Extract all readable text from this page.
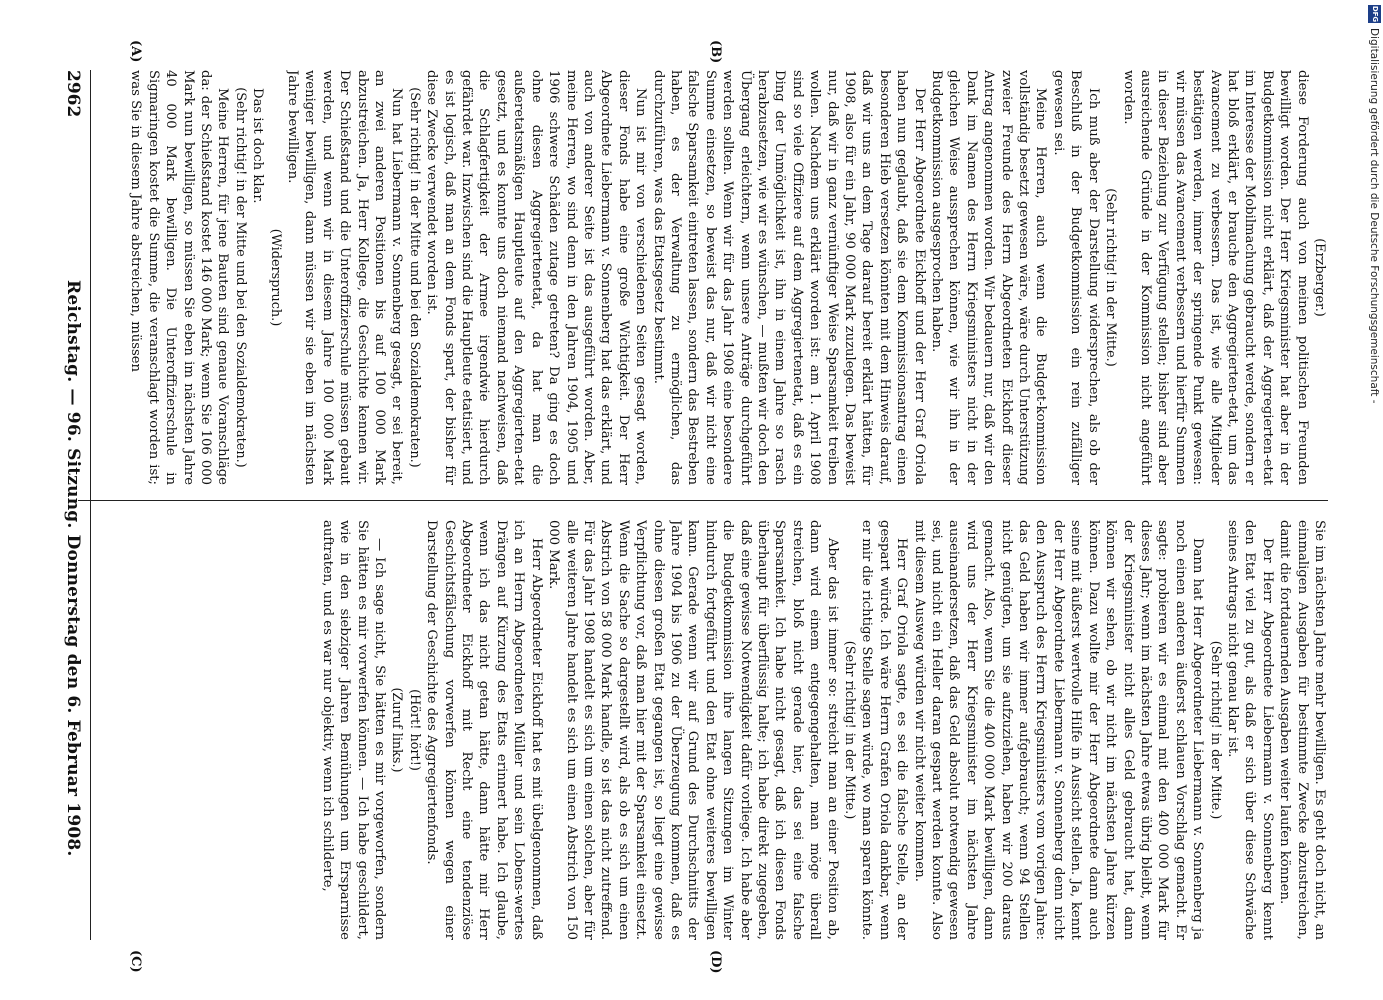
DFG
Digitalisierung gefördert durch die Deutsche Forschungsgemeinschaft -

(Erzberger.)

diese Forderung auch von meinen politischen Freunden bewilligt worden. Der Herr Kriegsminister hat aber in der Budgetkommission nicht erklärt, daß der Aggregierten-etat im Interesse der Mobilmachung gebraucht werde, sondern er hat bloß erklärt, er brauche den Aggregierten-etat, um das Avancement zu verbessern. Das ist, wie alle Mitglieder bestätigen werden, immer der springende Punkt gewesen: wir müssen das Avancement verbessern und hierfür Summen in dieser Beziehung zur Verfügung stellen; bisher sind aber ausreichende Gründe in der Kommission nicht angeführt worden.

(Sehr richtig! in der Mitte.)

Ich muß aber der Darstellung widersprechen, als ob der Beschluß in der Budgetkommission ein rein zufälliger gewesen sei.

Meine Herren, auch wenn die Budget-kommission vollständig besetzt gewesen wäre, wäre durch Unterstützung zweier Freunde des Herrn Abgeordneten Eickhoff dieser Antrag angenommen worden. Wir bedauern nur, daß wir den Dank im Namen des Herrn Kriegsministers nicht in der gleichen Weise aussprechen können, wie wir ihn in der Budgetkommission ausgesprochen haben.

Der Herr Abgeordnete Eickhoff und der Herr Graf Oriola haben nun geglaubt, daß sie dem Kommissionsantrag einen besonderen Hieb versetzen könnten mit dem Hinweis darauf, daß wir uns an dem Tage darauf bereit erklärt hätten, für 1908, also für ein Jahr, 90 000 Mark zuzulegen. Das beweist nur, daß wir in ganz vernünftiger Weise Sparsamkeit treiben wollen. Nachdem uns erklärt worden ist: am 1. April 1908 sind so viele Offiziere auf dem Aggregiertenetat, daß es ein Ding der Unmöglichkeit ist, ihn in einem Jahre so rasch herabzusetzen, wie wir es wünschen, — mußten wir doch den Übergang erleichtern, wenn unsere Anträge durchgeführt werden sollten. Wenn wir für das Jahr 1908 eine besondere Summe einsetzen, so beweist das nur, daß wir nicht eine falsche Sparsamkeit eintreten lassen, sondern das Bestreben haben, es der Verwaltung zu ermöglichen, das durchzuführen, was das Etatsgesetz bestimmt.

Nun ist mir von verschiedenen Seiten gesagt worden, dieser Fonds habe eine große Wichtigkeit. Der Herr Abgeordnete Liebermann v. Sonnenberg hat das erklärt, und auch von anderer Seite ist das ausgeführt worden. Aber, meine Herren, wo sind denn in den Jahren 1904, 1905 und 1906 schwere Schäden zutage getreten? Da ging es doch ohne diesen Aggregiertenetat, da hat man die außeretatsmäßigen Hauptleute auf den Aggregierten-etat gesetzt, und es konnte uns doch niemand nachweisen, daß die Schlagfertigkeit der Armee irgendwie hierdurch gefährdet war. Inzwischen sind die Hauptleute etatisiert, und es ist logisch, daß man an dem Fonds spart, der bisher für diese Zwecke verwendet worden ist.

(Sehr richtig! in der Mitte und bei den Sozialdemokraten.)

Nun hat Liebermann v. Sonnenberg gesagt, er sei bereit, an zwei anderen Positionen bis auf 100 000 Mark abzustreichen. Ja, Herr Kollege, die Geschichte kennen wir. Der Schießstand und die Unteroffizierschule müssen gebaut werden, und wenn wir in diesem Jahre 100 000 Mark weniger bewilligen, dann müssen wir sie eben im nächsten Jahre bewilligen.

(Widerspruch.)

Das ist doch klar.

(Sehr richtig! in der Mitte und bei den Sozialdemokraten.)

Meine Herren, für jene Bauten sind genaue Voranschläge da: der Schießstand kostet 146 000 Mark; wenn Sie 106 000 Mark nun bewilligen, so müssen Sie eben im nächsten Jahre 40 000 Mark bewilligen. Die Unteroffizierschule in Sigmaringen kostet die Summe, die veranschlagt worden ist; was Sie in diesem Jahre abstreichen, müssen

Sie im nächsten Jahre mehr bewilligen. Es geht doch nicht, an einmaligen Ausgaben für bestimmte Zwecke abzustreichen, damit die fortdauernden Ausgaben weiter laufen können.

Der Herr Abgeordnete Liebermann v. Sonnenberg kennt den Etat viel zu gut, als daß er sich über diese Schwäche seines Antrags nicht genau klar ist.

(Sehr richtig! in der Mitte.)

Dann hat Herr Abgeordneter Liebermann v. Sonnenberg ja noch einen anderen äußerst schlauen Vorschlag gemacht. Er sagte: probieren wir es einmal mit den 400 000 Mark für dieses Jahr; wenn im nächsten Jahre etwas übrig bleibt, wenn der Kriegsminister nicht alles Geld gebraucht hat, dann können wir sehen, ob wir nicht im nächsten Jahre kürzen können. Dazu wollte mir der Herr Abgeordnete dann auch seine mit äußerst wertvolle Hilfe in Aussicht stellen. Ja, kennt der Herr Abgeordnete Liebermann v. Sonnenberg denn nicht den Ausspruch des Herrn Kriegsministers vom vorigen Jahre: das Geld haben wir immer aufgebraucht; wenn 94 Stellen nicht genügten, um sie aufzuziehen, haben wir 200 daraus gemacht. Also, wenn Sie die 400 000 Mark bewilligen, dann wird uns der Herr Kriegsminister im nächsten Jahre auseinandersetzen, daß das Geld absolut notwendig gewesen sei, und nicht ein Heller daran gespart werden konnte. Also mit diesem Ausweg würden wir nicht weiter kommen.

Herr Graf Oriola sagte, es sei die falsche Stelle, an der gespart würde. Ich wäre Herrn Grafen Oriola dankbar, wenn er mir die richtige Stelle sagen würde, wo man sparen könnte.

(Sehr richtig! in der Mitte.)

Aber das ist immer so: streicht man an einer Position ab, dann wird einem entgegengehalten, man möge überall streichen, bloß nicht gerade hier, das sei eine falsche Sparsamkeit. Ich habe nicht gesagt, daß ich diesen Fonds überhaupt für überflüssig halte; ich habe direkt zugegeben, daß eine gewisse Notwendigkeit dafür vorliege. Ich habe aber die Budgetkommission ihre langen Sitzungen im Winter hindurch fortgeführt und den Etat ohne weiteres bewilligen kann. Gerade wenn wir auf Grund des Durchschnitts der Jahre 1904 bis 1906 zu der Überzeugung kommen, daß es ohne diesen großen Etat gegangen ist, so liegt eine gewisse Verpflichtung vor, daß man hier mit der Sparsamkeit einsetzt. Wenn die Sache so dargestellt wird, als ob es sich um einen Abstrich von 58 000 Mark handle, so ist das nicht zutreffend. Für das Jahr 1908 handelt es sich um einen solchen, aber für alle weiteren Jahre handelt es sich um einen Abstrich von 150 000 Mark.

Herr Abgeordneter Eickhoff hat es mit übelgenommen, daß ich an Herrn Abgeordneten Müller und sein Lobens-wertes Drängen auf Kürzung des Etats erinnert habe. Ich glaube, wenn ich das nicht getan hätte, dann hätte mir Herr Abgeordneter Eickhoff mit Recht eine tendenziöse Geschichtsfälschung vorwerfen können wegen einer Darstellung der Geschichte des Aggregiertenfonds.

(Hört! hört!)

(Zuruf links.)

— Ich sage nicht, Sie hätten es mir vorgeworfen, sondern Sie hätten es mir vorwerfen können. — Ich habe geschildert, wie in den siebziger Jahren Bemühungen um Ersparnisse auftraten, und es war nur objektiv, wenn ich schilderte,

(A)	(B)
(C)	(D)
2962
Reichstag. — 96. Sitzung. Donnerstag den 6. Februar 1908.
